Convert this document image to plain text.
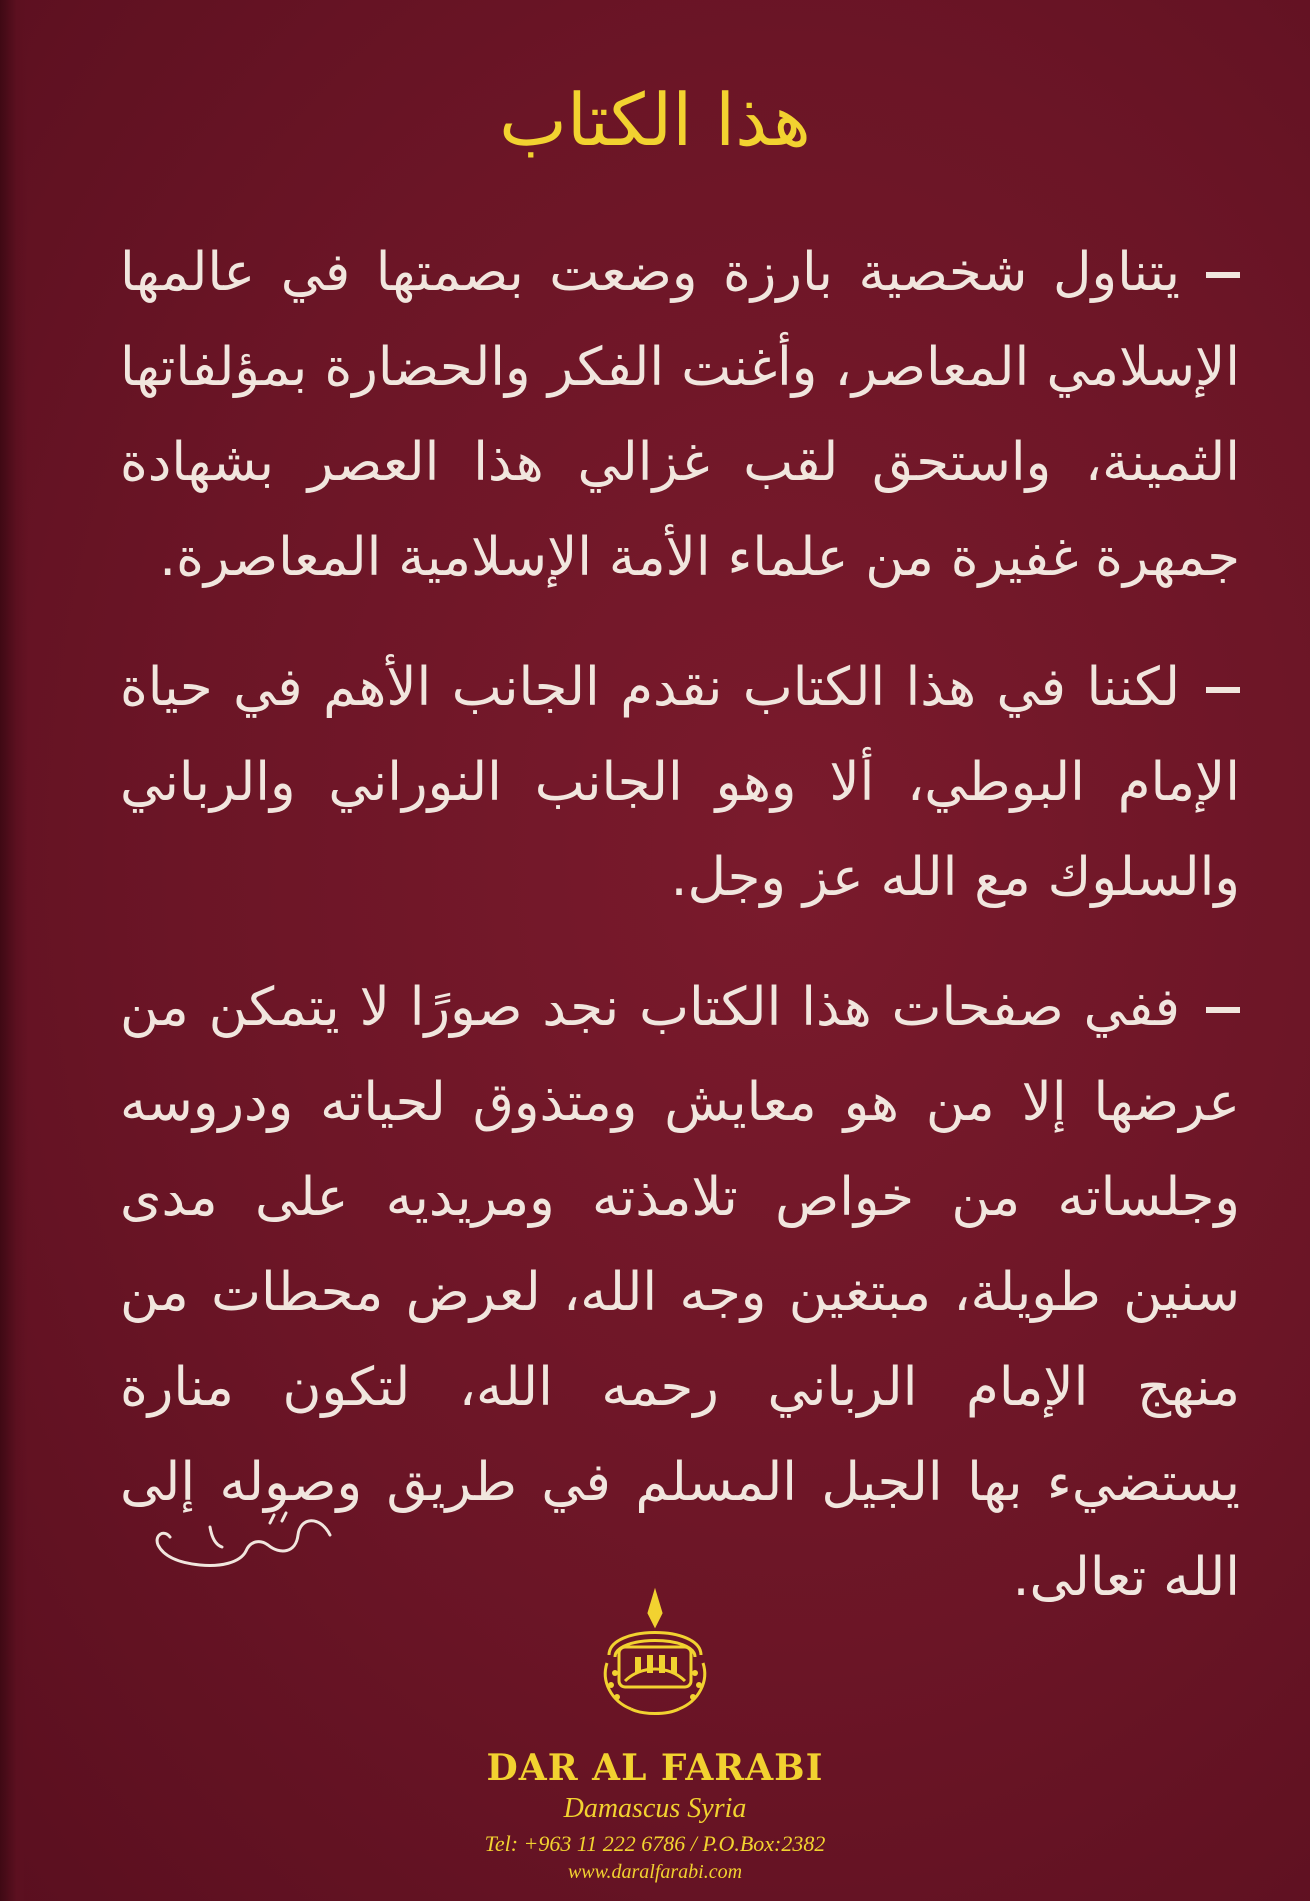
هذا الكتاب

يتناول شخصية بارزة وضعت بصمتها في عالمها الإسلامي المعاصر، وأغنت الفكر والحضارة بمؤلفاتها الثمينة، واستحق لقب غزالي هذا العصر بشهادة جمهرة غفيرة من علماء الأمة الإسلامية المعاصرة.

لكننا في هذا الكتاب نقدم الجانب الأهم في حياة الإمام البوطي، ألا وهو الجانب النوراني والرباني والسلوك مع الله عز وجل.

ففي صفحات هذا الكتاب نجد صورًا لا يتمكن من عرضها إلا من هو معايش ومتذوق لحياته ودروسه وجلساته من خواص تلامذته ومريديه على مدى سنين طويلة، مبتغين وجه الله، لعرض محطات من منهج الإمام الرباني رحمه الله، لتكون منارة يستضيء بها الجيل المسلم في طريق وصوله إلى الله تعالى.

DAR AL FARABI
Damascus Syria
Tel: +963 11 222 6786 / P.O.Box:2382
www.daralfarabi.com
